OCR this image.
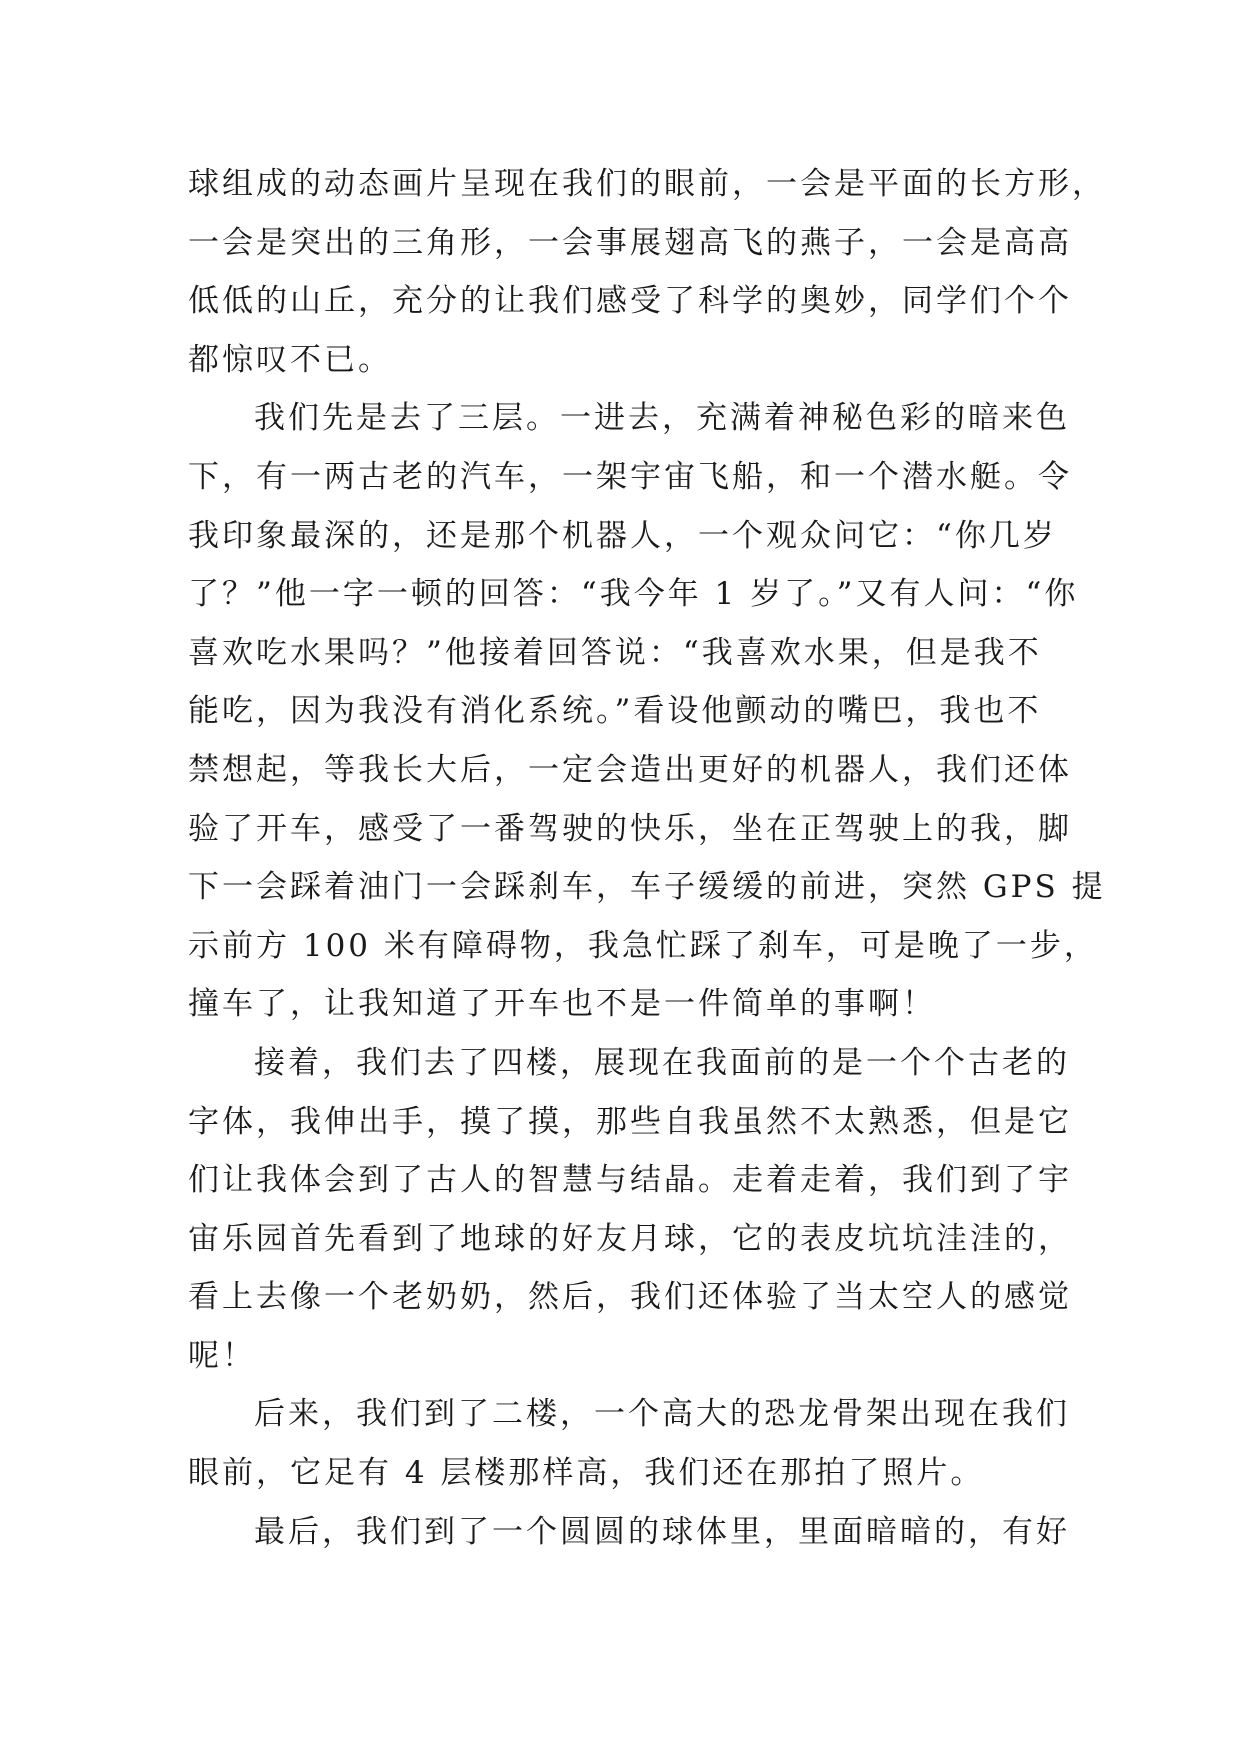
球组成的动态画片呈现在我们的眼前，一会是平面的长方形，
一会是突出的三角形，一会事展翅高飞的燕子，一会是高高
低低的山丘，充分的让我们感受了科学的奥妙，同学们个个
都惊叹不已。
我们先是去了三层。一进去，充满着神秘色彩的暗来色
下，有一两古老的汽车，一架宇宙飞船，和一个潜水艇。令
我印象最深的，还是那个机器人，一个观众问它：“你几岁
了？”他一字一顿的回答：“我今年 1 岁了。”又有人问：“你
喜欢吃水果吗？”他接着回答说：“我喜欢水果，但是我不
能吃，因为我没有消化系统。”看设他颤动的嘴巴，我也不
禁想起，等我长大后，一定会造出更好的机器人，我们还体
验了开车，感受了一番驾驶的快乐，坐在正驾驶上的我，脚
下一会踩着油门一会踩刹车，车子缓缓的前进，突然 GPS 提
示前方 100 米有障碍物，我急忙踩了刹车，可是晚了一步，
撞车了，让我知道了开车也不是一件简单的事啊！
接着，我们去了四楼，展现在我面前的是一个个古老的
字体，我伸出手，摸了摸，那些自我虽然不太熟悉，但是它
们让我体会到了古人的智慧与结晶。走着走着，我们到了宇
宙乐园首先看到了地球的好友月球，它的表皮坑坑洼洼的，
看上去像一个老奶奶，然后，我们还体验了当太空人的感觉
呢！
后来，我们到了二楼，一个高大的恐龙骨架出现在我们
眼前，它足有 4 层楼那样高，我们还在那拍了照片。
最后，我们到了一个圆圆的球体里，里面暗暗的，有好
